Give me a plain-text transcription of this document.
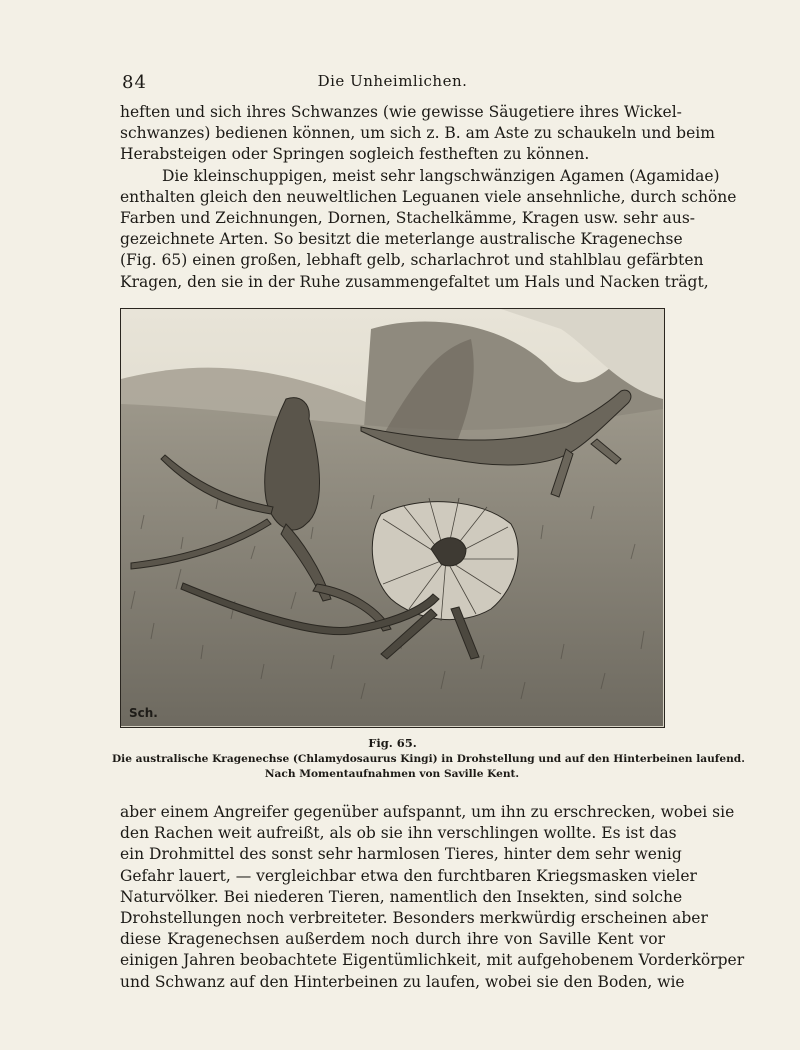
84	Die Unheimlichen.
heften und sich ihres Schwanzes (wie gewisse Säugetiere ihres Wickel-
schwanzes) bedienen können, um sich z. B. am Aste zu schaukeln und beim
Herabsteigen oder Springen sogleich festheften zu können.
Die kleinschuppigen, meist sehr langschwänzigen Agamen (Agamidae)
enthalten gleich den neuweltlichen Leguanen viele ansehnliche, durch schöne
Farben und Zeichnungen, Dornen, Stachelkämme, Kragen usw. sehr aus-
gezeichnete Arten. So besitzt die meterlange australische Kragenechse
(Fig. 65) einen großen, lebhaft gelb, scharlachrot und stahlblau gefärbten
Kragen, den sie in der Ruhe zusammengefaltet um Hals und Nacken trägt,
Sch.
Fig. 65.
Die australische Kragenechse (Chlamydosaurus Kingi) in Drohstellung und auf den Hinterbeinen laufend.
Nach Momentaufnahmen von Saville Kent.
aber einem Angreifer gegenüber aufspannt, um ihn zu erschrecken, wobei sie
den Rachen weit aufreißt, als ob sie ihn verschlingen wollte. Es ist das
ein Drohmittel des sonst sehr harmlosen Tieres, hinter dem sehr wenig
Gefahr lauert, — vergleichbar etwa den furchtbaren Kriegsmasken vieler
Naturvölker. Bei niederen Tieren, namentlich den Insekten, sind solche
Drohstellungen noch verbreiteter. Besonders merkwürdig erscheinen aber
diese Kragenechsen außerdem noch durch ihre von Saville Kent vor
einigen Jahren beobachtete Eigentümlichkeit, mit aufgehobenem Vorderkörper
und Schwanz auf den Hinterbeinen zu laufen, wobei sie den Boden, wie
